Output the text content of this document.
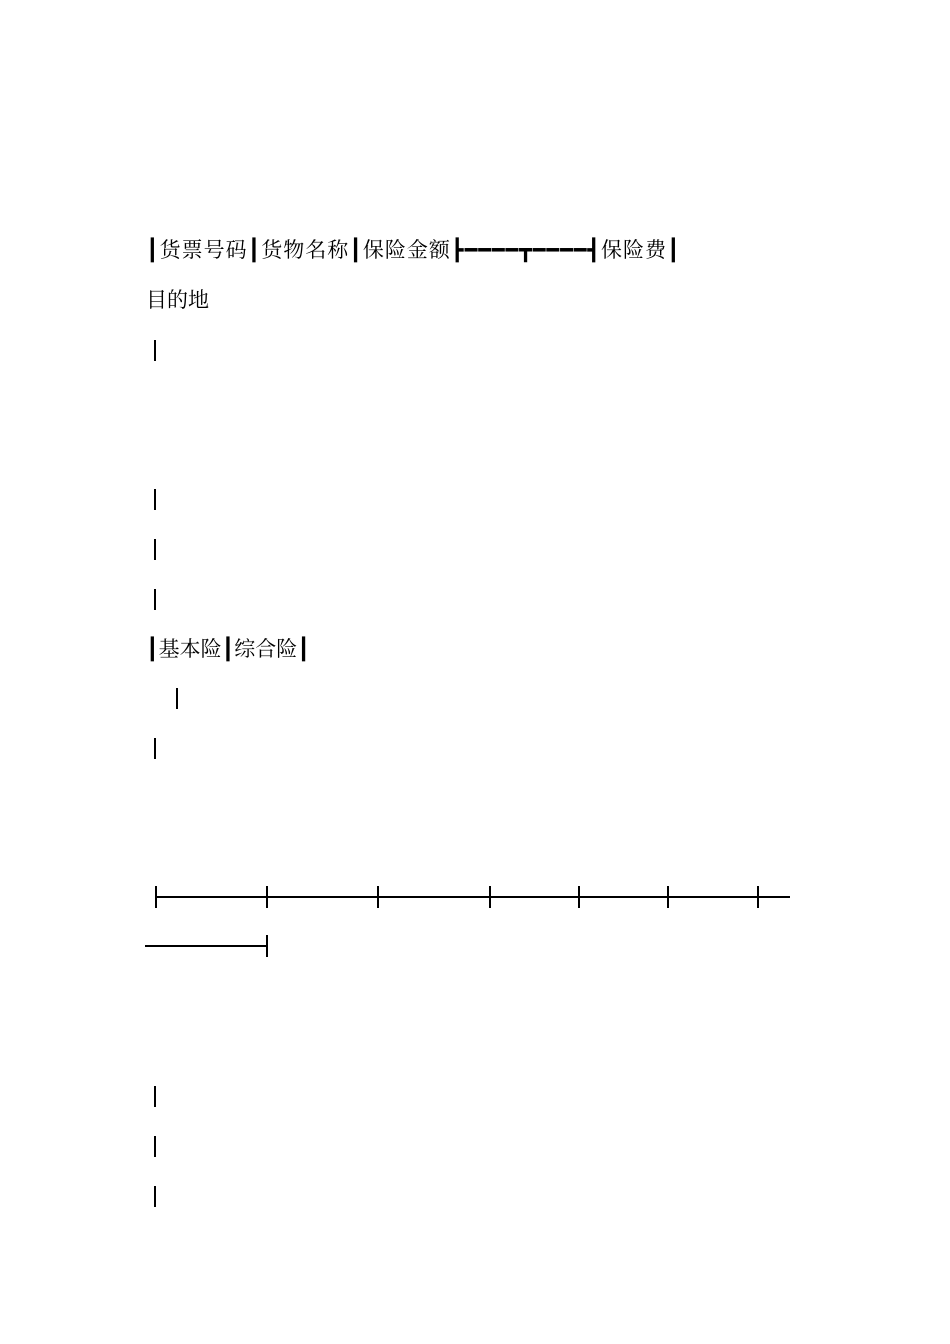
┃货票号码┃货物名称┃保险金额┣━━━━┳━━━━┫保险费┃
目的地
┃基本险┃综合险┃
